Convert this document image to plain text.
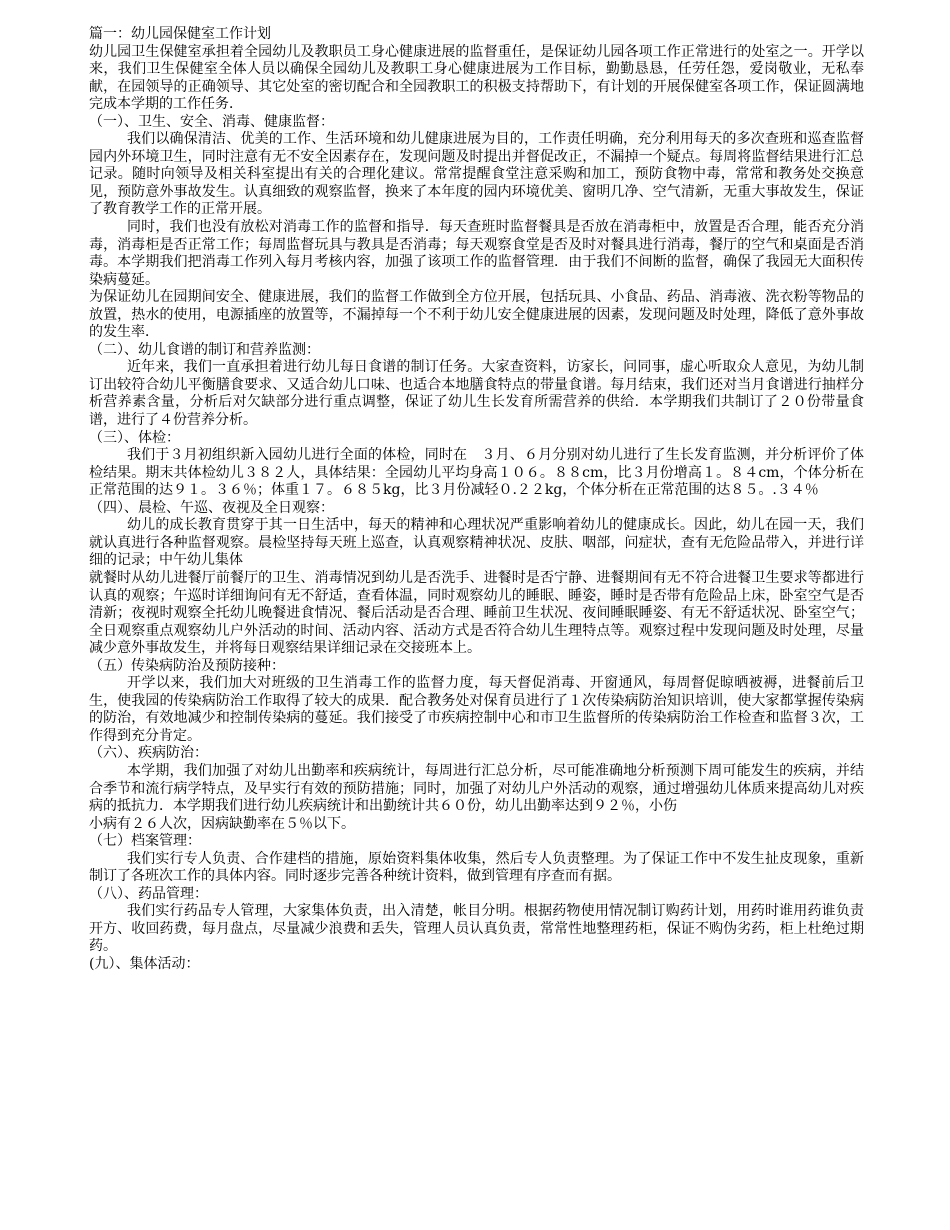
篇一：幼儿园保健室工作计划

幼儿园卫生保健室承担着全园幼儿及教职员工身心健康进展的监督重任，是保证幼儿园各项工作正常进行的处室之一。开学以来，我们卫生保健室全体人员以确保全园幼儿及教职工身心健康进展为工作目标，勤勤恳恳，任劳任怨，爱岗敬业，无私奉献，在园领导的正确领导、其它处室的密切配合和全园教职工的积极支持帮助下，有计划的开展保健室各项工作，保证圆满地完成本学期的工作任务．

（一）、卫生、安全、消毒、健康监督：

我们以确保清洁、优美的工作、生活环境和幼儿健康进展为目的，工作责任明确，充分利用每天的多次查班和巡查监督园内外环境卫生，同时注意有无不安全因素存在，发现问题及时提出并督促改正，不漏掉一个疑点。每周将监督结果进行汇总记录。随时向领导及相关科室提出有关的合理化建议。常常提醒食堂注意采购和加工，预防食物中毒，常常和教务处交换意见，预防意外事故发生。认真细致的观察监督，换来了本年度的园内环境优美、窗明几净、空气清新，无重大事故发生，保证了教育教学工作的正常开展。

同时，我们也没有放松对消毒工作的监督和指导．每天查班时监督餐具是否放在消毒柜中，放置是否合理，能否充分消毒，消毒柜是否正常工作；每周监督玩具与教具是否消毒；每天观察食堂是否及时对餐具进行消毒，餐厅的空气和桌面是否消毒。本学期我们把消毒工作列入每月考核内容，加强了该项工作的监督管理．由于我们不间断的监督，确保了我园无大面积传染病蔓延。

为保证幼儿在园期间安全、健康进展，我们的监督工作做到全方位开展，包括玩具、小食品、药品、消毒液、洗衣粉等物品的放置，热水的使用，电源插座的放置等，不漏掉每一个不利于幼儿安全健康进展的因素，发现问题及时处理，降低了意外事故的发生率．

（二）、幼儿食谱的制订和营养监测：

近年来，我们一直承担着进行幼儿每日食谱的制订任务。大家查资料，访家长，问同事，虚心听取众人意见，为幼儿制订出较符合幼儿平衡膳食要求、又适合幼儿口味、也适合本地膳食特点的带量食谱。每月结束，我们还对当月食谱进行抽样分析营养素含量，分析后对欠缺部分进行重点调整，保证了幼儿生长发育所需营养的供给．本学期我们共制订了２０份带量食谱，进行了４份营养分析。

（三）、体检：

我们于３月初组织新入园幼儿进行全面的体检，同时在　３月、６月分别对幼儿进行了生长发育监测，并分析评价了体检结果。期末共体检幼儿３８２人，具体结果：全园幼儿平均身高１０６。８８cm，比３月份增高１。８４cm，个体分析在正常范围的达９１。３６％；体重１７。６８５kg，比３月份减轻０.２２kg，个体分析在正常范围的达８５。.３４％

（四）、晨检、午巡、夜视及全日观察：

幼儿的成长教育贯穿于其一日生活中，每天的精神和心理状况严重影响着幼儿的健康成长。因此，幼儿在园一天，我们就认真进行各种监督观察。晨检坚持每天班上巡查，认真观察精神状况、皮肤、咽部，问症状，查有无危险品带入，并进行详细的记录；中午幼儿集体

就餐时从幼儿进餐厅前餐厅的卫生、消毒情况到幼儿是否洗手、进餐时是否宁静、进餐期间有无不符合进餐卫生要求等都进行认真的观察；午巡时详细询问有无不舒适，查看体温，同时观察幼儿的睡眠、睡姿，睡时是否带有危险品上床，卧室空气是否清新；夜视时观察全托幼儿晚餐进食情况、餐后活动是否合理、睡前卫生状况、夜间睡眠睡姿、有无不舒适状况、卧室空气；全日观察重点观察幼儿户外活动的时间、活动内容、活动方式是否符合幼儿生理特点等。观察过程中发现问题及时处理，尽量减少意外事故发生，并将每日观察结果详细记录在交接班本上。

（五）传染病防治及预防接种：

开学以来，我们加大对班级的卫生消毒工作的监督力度，每天督促消毒、开窗通风，每周督促晾晒被褥，进餐前后卫生，使我园的传染病防治工作取得了较大的成果．配合教务处对保育员进行了１次传染病防治知识培训，使大家都掌握传染病的防治，有效地减少和控制传染病的蔓延。我们接受了市疾病控制中心和市卫生监督所的传染病防治工作检查和监督３次，工作得到充分肯定。

（六）、疾病防治：

本学期，我们加强了对幼儿出勤率和疾病统计，每周进行汇总分析，尽可能准确地分析预测下周可能发生的疾病，并结合季节和流行病学特点，及早实行有效的预防措施；同时，加强了对幼儿户外活动的观察，通过增强幼儿体质来提高幼儿对疾病的抵抗力．本学期我们进行幼儿疾病统计和出勤统计共６０份，幼儿出勤率达到９２％，小伤

小病有２６人次，因病缺勤率在５％以下。

（七）档案管理：

我们实行专人负责、合作建档的措施，原始资料集体收集，然后专人负责整理。为了保证工作中不发生扯皮现象，重新制订了各班次工作的具体内容。同时逐步完善各种统计资料，做到管理有序查而有据。

（八）、药品管理：

我们实行药品专人管理，大家集体负责，出入清楚，帐目分明。根据药物使用情况制订购药计划，用药时谁用药谁负责开方、收回药费，每月盘点，尽量减少浪费和丢失，管理人员认真负责，常常性地整理药柜，保证不购伪劣药，柜上杜绝过期药。

(九）、集体活动：
